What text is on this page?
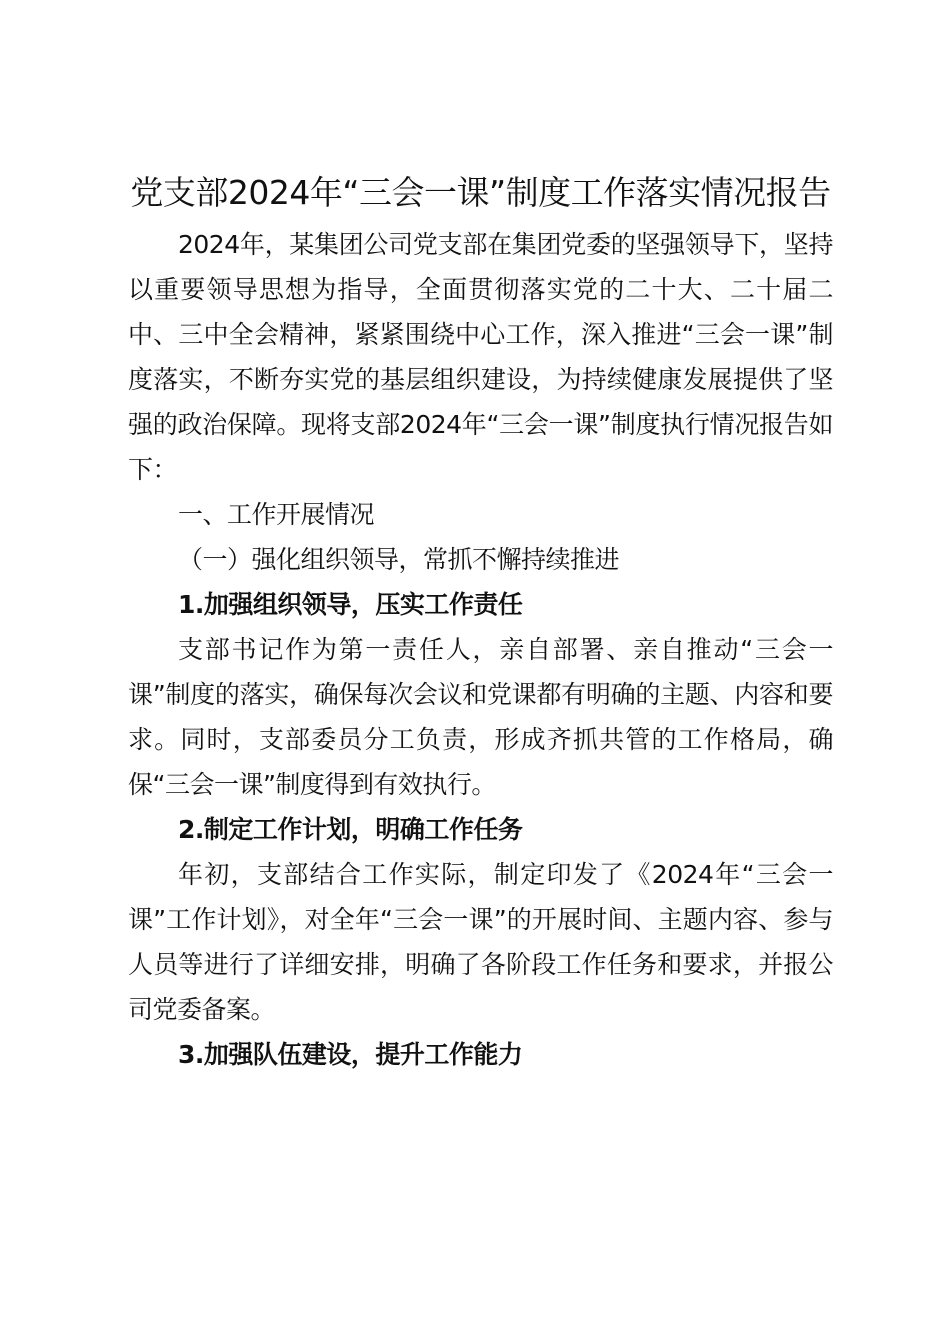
党支部2024年“三会一课”制度工作落实情况报告

2024年，某集团公司党支部在集团党委的坚强领导下，坚持以重要领导思想为指导，全面贯彻落实党的二十大、二十届二中、三中全会精神，紧紧围绕中心工作，深入推进“三会一课”制度落实，不断夯实党的基层组织建设，为持续健康发展提供了坚强的政治保障。现将支部2024年“三会一课”制度执行情况报告如下：

一、工作开展情况

（一）强化组织领导，常抓不懈持续推进

1.加强组织领导，压实工作责任

支部书记作为第一责任人，亲自部署、亲自推动“三会一课”制度的落实，确保每次会议和党课都有明确的主题、内容和要求。同时，支部委员分工负责，形成齐抓共管的工作格局，确保“三会一课”制度得到有效执行。

2.制定工作计划，明确工作任务

年初，支部结合工作实际，制定印发了《2024年“三会一课”工作计划》，对全年“三会一课”的开展时间、主题内容、参与人员等进行了详细安排，明确了各阶段工作任务和要求，并报公司党委备案。

3.加强队伍建设，提升工作能力
